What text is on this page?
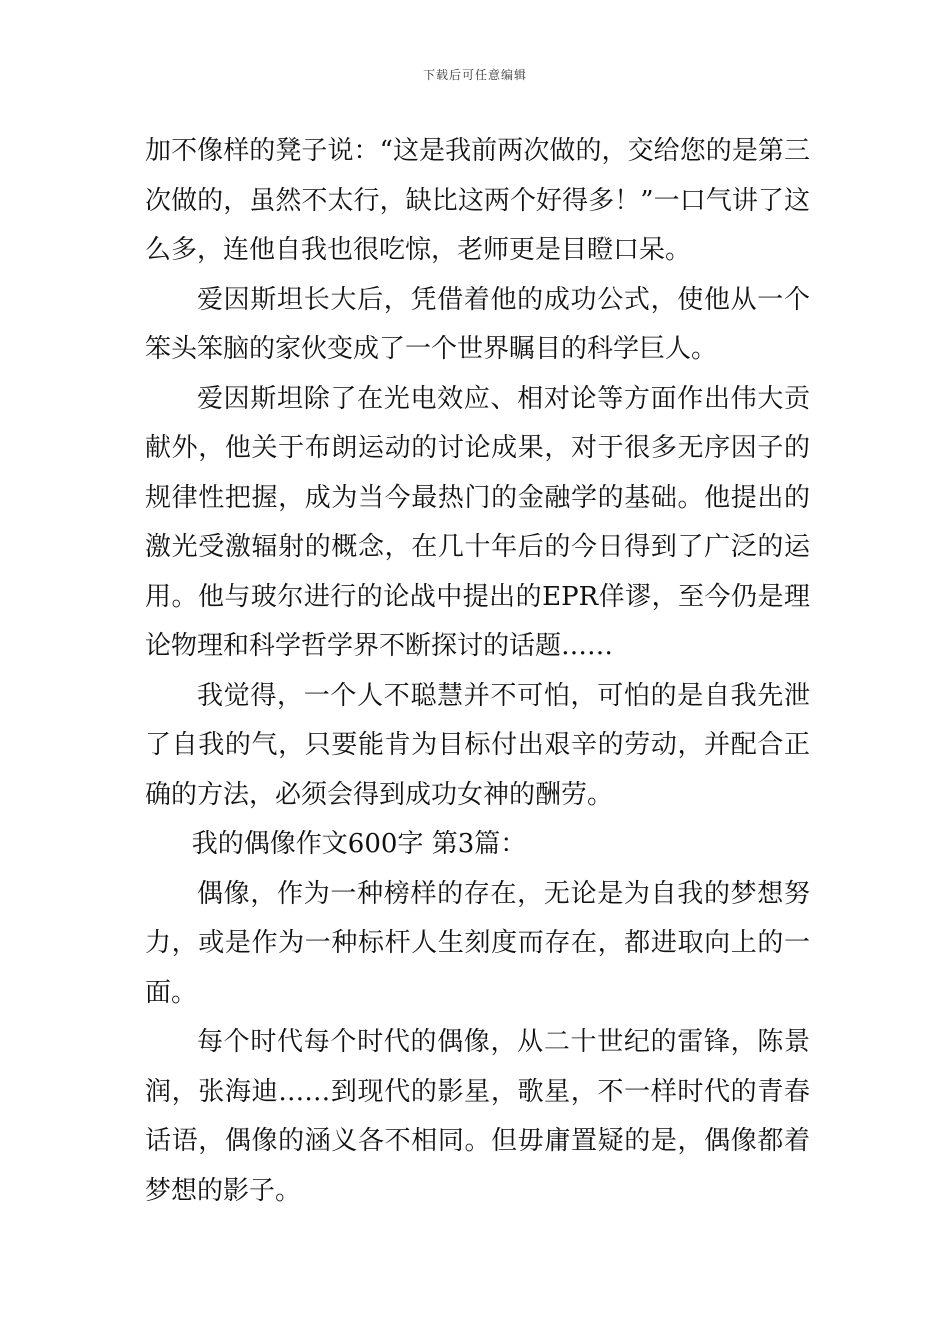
下载后可任意编辑

加不像样的凳子说：“这是我前两次做的，交给您的是第三次做的，虽然不太行，缺比这两个好得多！”一口气讲了这么多，连他自我也很吃惊，老师更是目瞪口呆。

爱因斯坦长大后，凭借着他的成功公式，使他从一个笨头笨脑的家伙变成了一个世界瞩目的科学巨人。

爱因斯坦除了在光电效应、相对论等方面作出伟大贡献外，他关于布朗运动的讨论成果，对于很多无序因子的规律性把握，成为当今最热门的金融学的基础。他提出的激光受激辐射的概念，在几十年后的今日得到了广泛的运用。他与玻尔进行的论战中提出的EPR佯谬，至今仍是理论物理和科学哲学界不断探讨的话题……

我觉得，一个人不聪慧并不可怕，可怕的是自我先泄了自我的气，只要能肯为目标付出艰辛的劳动，并配合正确的方法，必须会得到成功女神的酬劳。

我的偶像作文600字 第3篇：

偶像，作为一种榜样的存在，无论是为自我的梦想努力，或是作为一种标杆人生刻度而存在，都进取向上的一面。

每个时代每个时代的偶像，从二十世纪的雷锋，陈景润，张海迪……到现代的影星，歌星，不一样时代的青春话语，偶像的涵义各不相同。但毋庸置疑的是，偶像都着梦想的影子。
